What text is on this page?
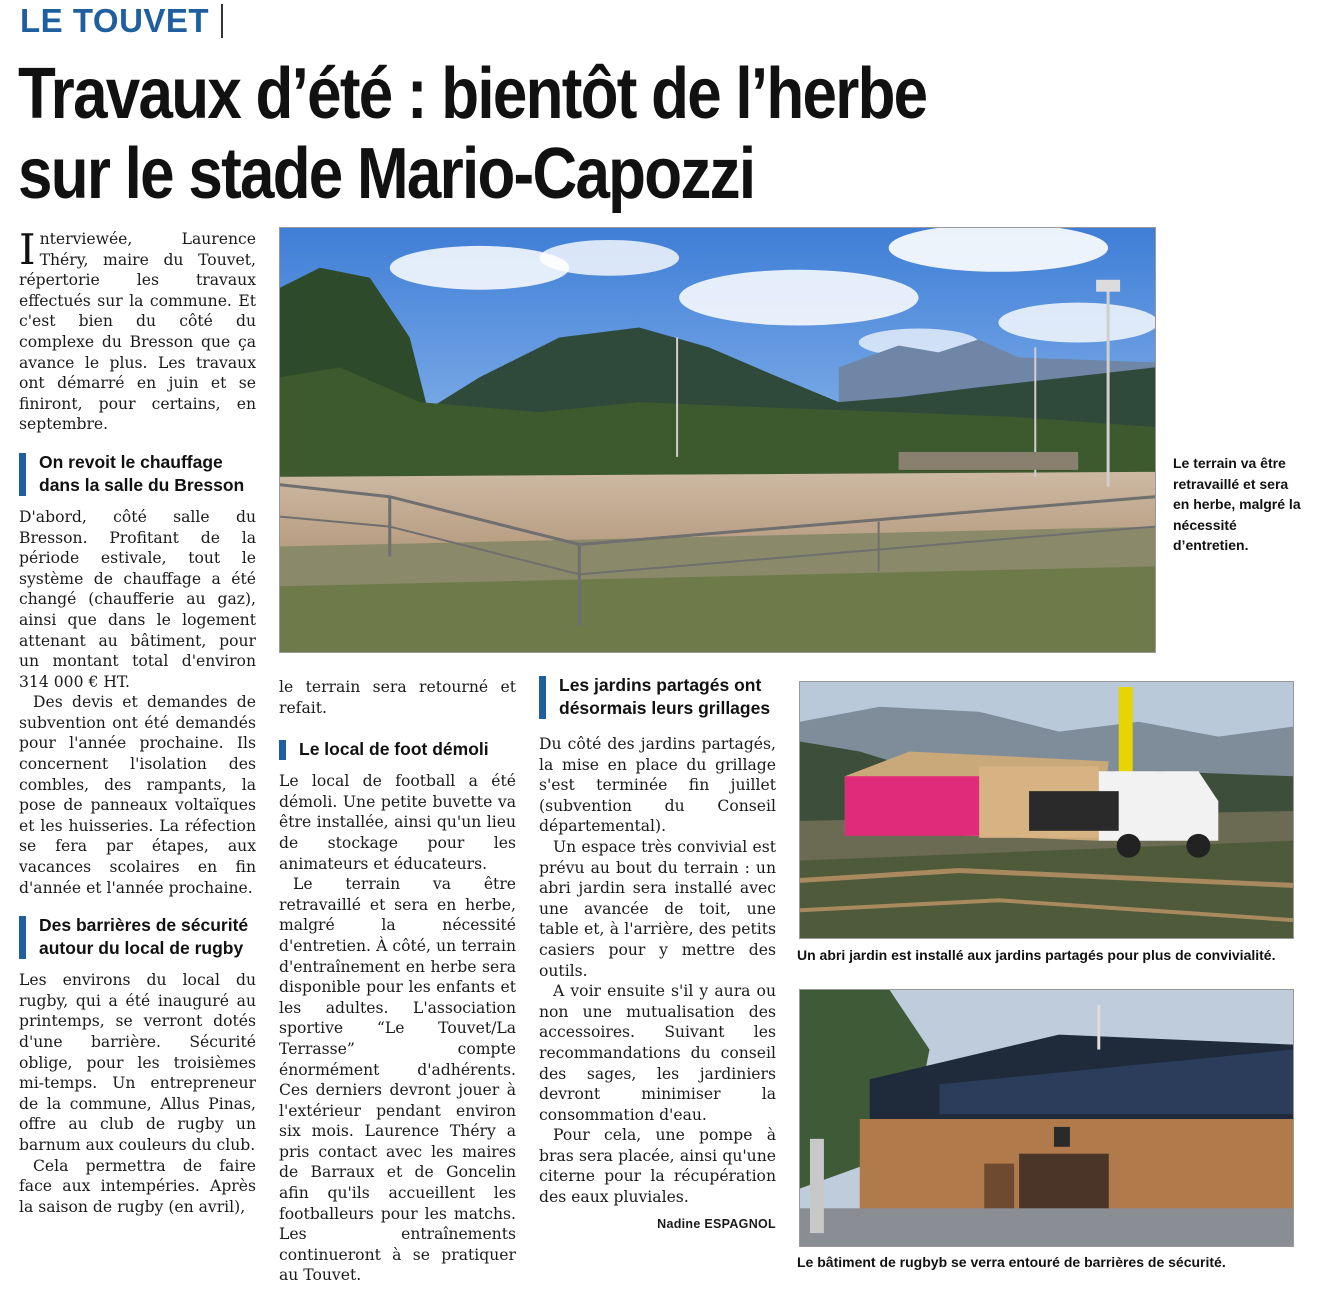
LE TOUVET
Travaux d’été : bientôt de l’herbe
sur le stade Mario-Capozzi

Interviewée, Laurence Théry, maire du Touvet, répertorie les travaux effectués sur la commune. Et c'est bien du côté du complexe du Bresson que ça avance le plus. Les travaux ont démarré en juin et se finiront, pour certains, en septembre.

On revoit le chauffage dans la salle du Bresson

D'abord, côté salle du Bresson. Profitant de la période estivale, tout le système de chauffage a été changé (chaufferie au gaz), ainsi que dans le logement attenant au bâtiment, pour un montant total d'environ 314 000 € HT.

Des devis et demandes de subvention ont été demandés pour l'année prochaine. Ils concernent l'isolation des combles, des rampants, la pose de panneaux voltaïques et les huisseries. La réfection se fera par étapes, aux vacances scolaires en fin d'année et l'année prochaine.

Des barrières de sécurité autour du local de rugby

Les environs du local du rugby, qui a été inauguré au printemps, se verront dotés d'une barrière. Sécurité oblige, pour les troisièmes mi-temps. Un entrepreneur de la commune, Allus Pinas, offre au club de rugby un barnum aux couleurs du club.

Cela permettra de faire face aux intempéries. Après la saison de rugby (en avril),

le terrain sera retourné et refait.

Le local de foot démoli

Le local de football a été démoli. Une petite buvette va être installée, ainsi qu'un lieu de stockage pour les animateurs et éducateurs.

Le terrain va être retravaillé et sera en herbe, malgré la nécessité d'entretien. À côté, un terrain d'entraînement en herbe sera disponible pour les enfants et les adultes. L'association sportive “Le Touvet/La Terrasse” compte énormément d'adhérents. Ces derniers devront jouer à l'extérieur pendant environ six mois. Laurence Théry a pris contact avec les maires de Barraux et de Goncelin afin qu'ils accueillent les footballeurs pour les matchs. Les entraînements continueront à se pratiquer au Touvet.

Les jardins partagés ont désormais leurs grillages

Du côté des jardins partagés, la mise en place du grillage s'est terminée fin juillet (subvention du Conseil départemental).

Un espace très convivial est prévu au bout du terrain : un abri jardin sera installé avec une avancée de toit, une table et, à l'arrière, des petits casiers pour y mettre des outils.

A voir ensuite s'il y aura ou non une mutualisation des accessoires. Suivant les recommandations du conseil des sages, les jardiniers devront minimiser la consommation d'eau.

Pour cela, une pompe à bras sera placée, ainsi qu'une citerne pour la récupération des eaux pluviales.

Nadine ESPAGNOL
Le terrain va être retravaillé et sera en herbe, malgré la nécessité d’entretien.
Un abri jardin est installé aux jardins partagés pour plus de convivialité.
Le bâtiment de rugbyb se verra entouré de barrières de sécurité.
